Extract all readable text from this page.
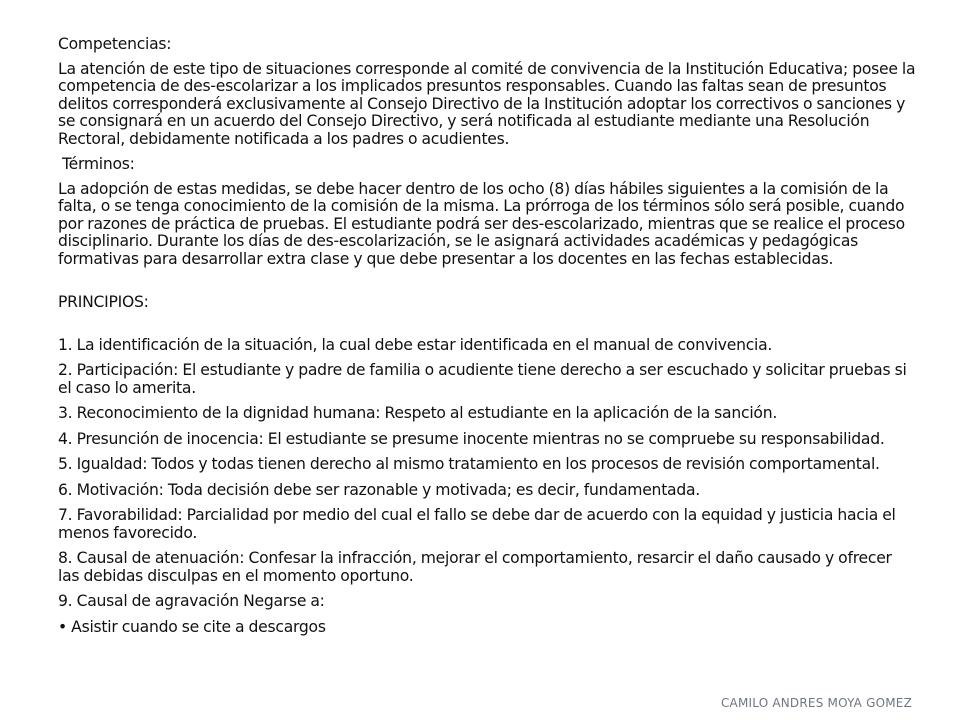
Competencias:

La atención de este tipo de situaciones corresponde al comité de convivencia de la Institución Educativa; posee la competencia de des-escolarizar a los implicados presuntos responsables. Cuando las faltas sean de presuntos delitos corresponderá exclusivamente al Consejo Directivo de la Institución adoptar los correctivos o sanciones y se consignará en un acuerdo del Consejo Directivo, y será notificada al estudiante mediante una Resolución Rectoral, debidamente notificada a los padres o acudientes.

Términos:

La adopción de estas medidas, se debe hacer dentro de los ocho (8) días hábiles siguientes a la comisión de la falta, o se tenga conocimiento de la comisión de la misma. La prórroga de los términos sólo será posible, cuando por razones de práctica de pruebas. El estudiante podrá ser des-escolarizado, mientras que se realice el proceso disciplinario. Durante los días de des-escolarización, se le asignará actividades académicas y pedagógicas formativas para desarrollar extra clase y que debe presentar a los docentes en las fechas establecidas.

PRINCIPIOS:

1. La identificación de la situación, la cual debe estar identificada en el manual de convivencia.

2. Participación: El estudiante y padre de familia o acudiente tiene derecho a ser escuchado y solicitar pruebas si el caso lo amerita.

3. Reconocimiento de la dignidad humana: Respeto al estudiante en la aplicación de la sanción.

4. Presunción de inocencia: El estudiante se presume inocente mientras no se compruebe su responsabilidad.

5. Igualdad: Todos y todas tienen derecho al mismo tratamiento en los procesos de revisión comportamental.

6. Motivación: Toda decisión debe ser razonable y motivada; es decir, fundamentada.

7. Favorabilidad: Parcialidad por medio del cual el fallo se debe dar de acuerdo con la equidad y justicia hacia el menos favorecido.

8. Causal de atenuación: Confesar la infracción, mejorar el comportamiento, resarcir el daño causado y ofrecer las debidas disculpas en el momento oportuno.

9. Causal de agravación Negarse a:

• Asistir cuando se cite a descargos

CAMILO ANDRES MOYA GOMEZ
